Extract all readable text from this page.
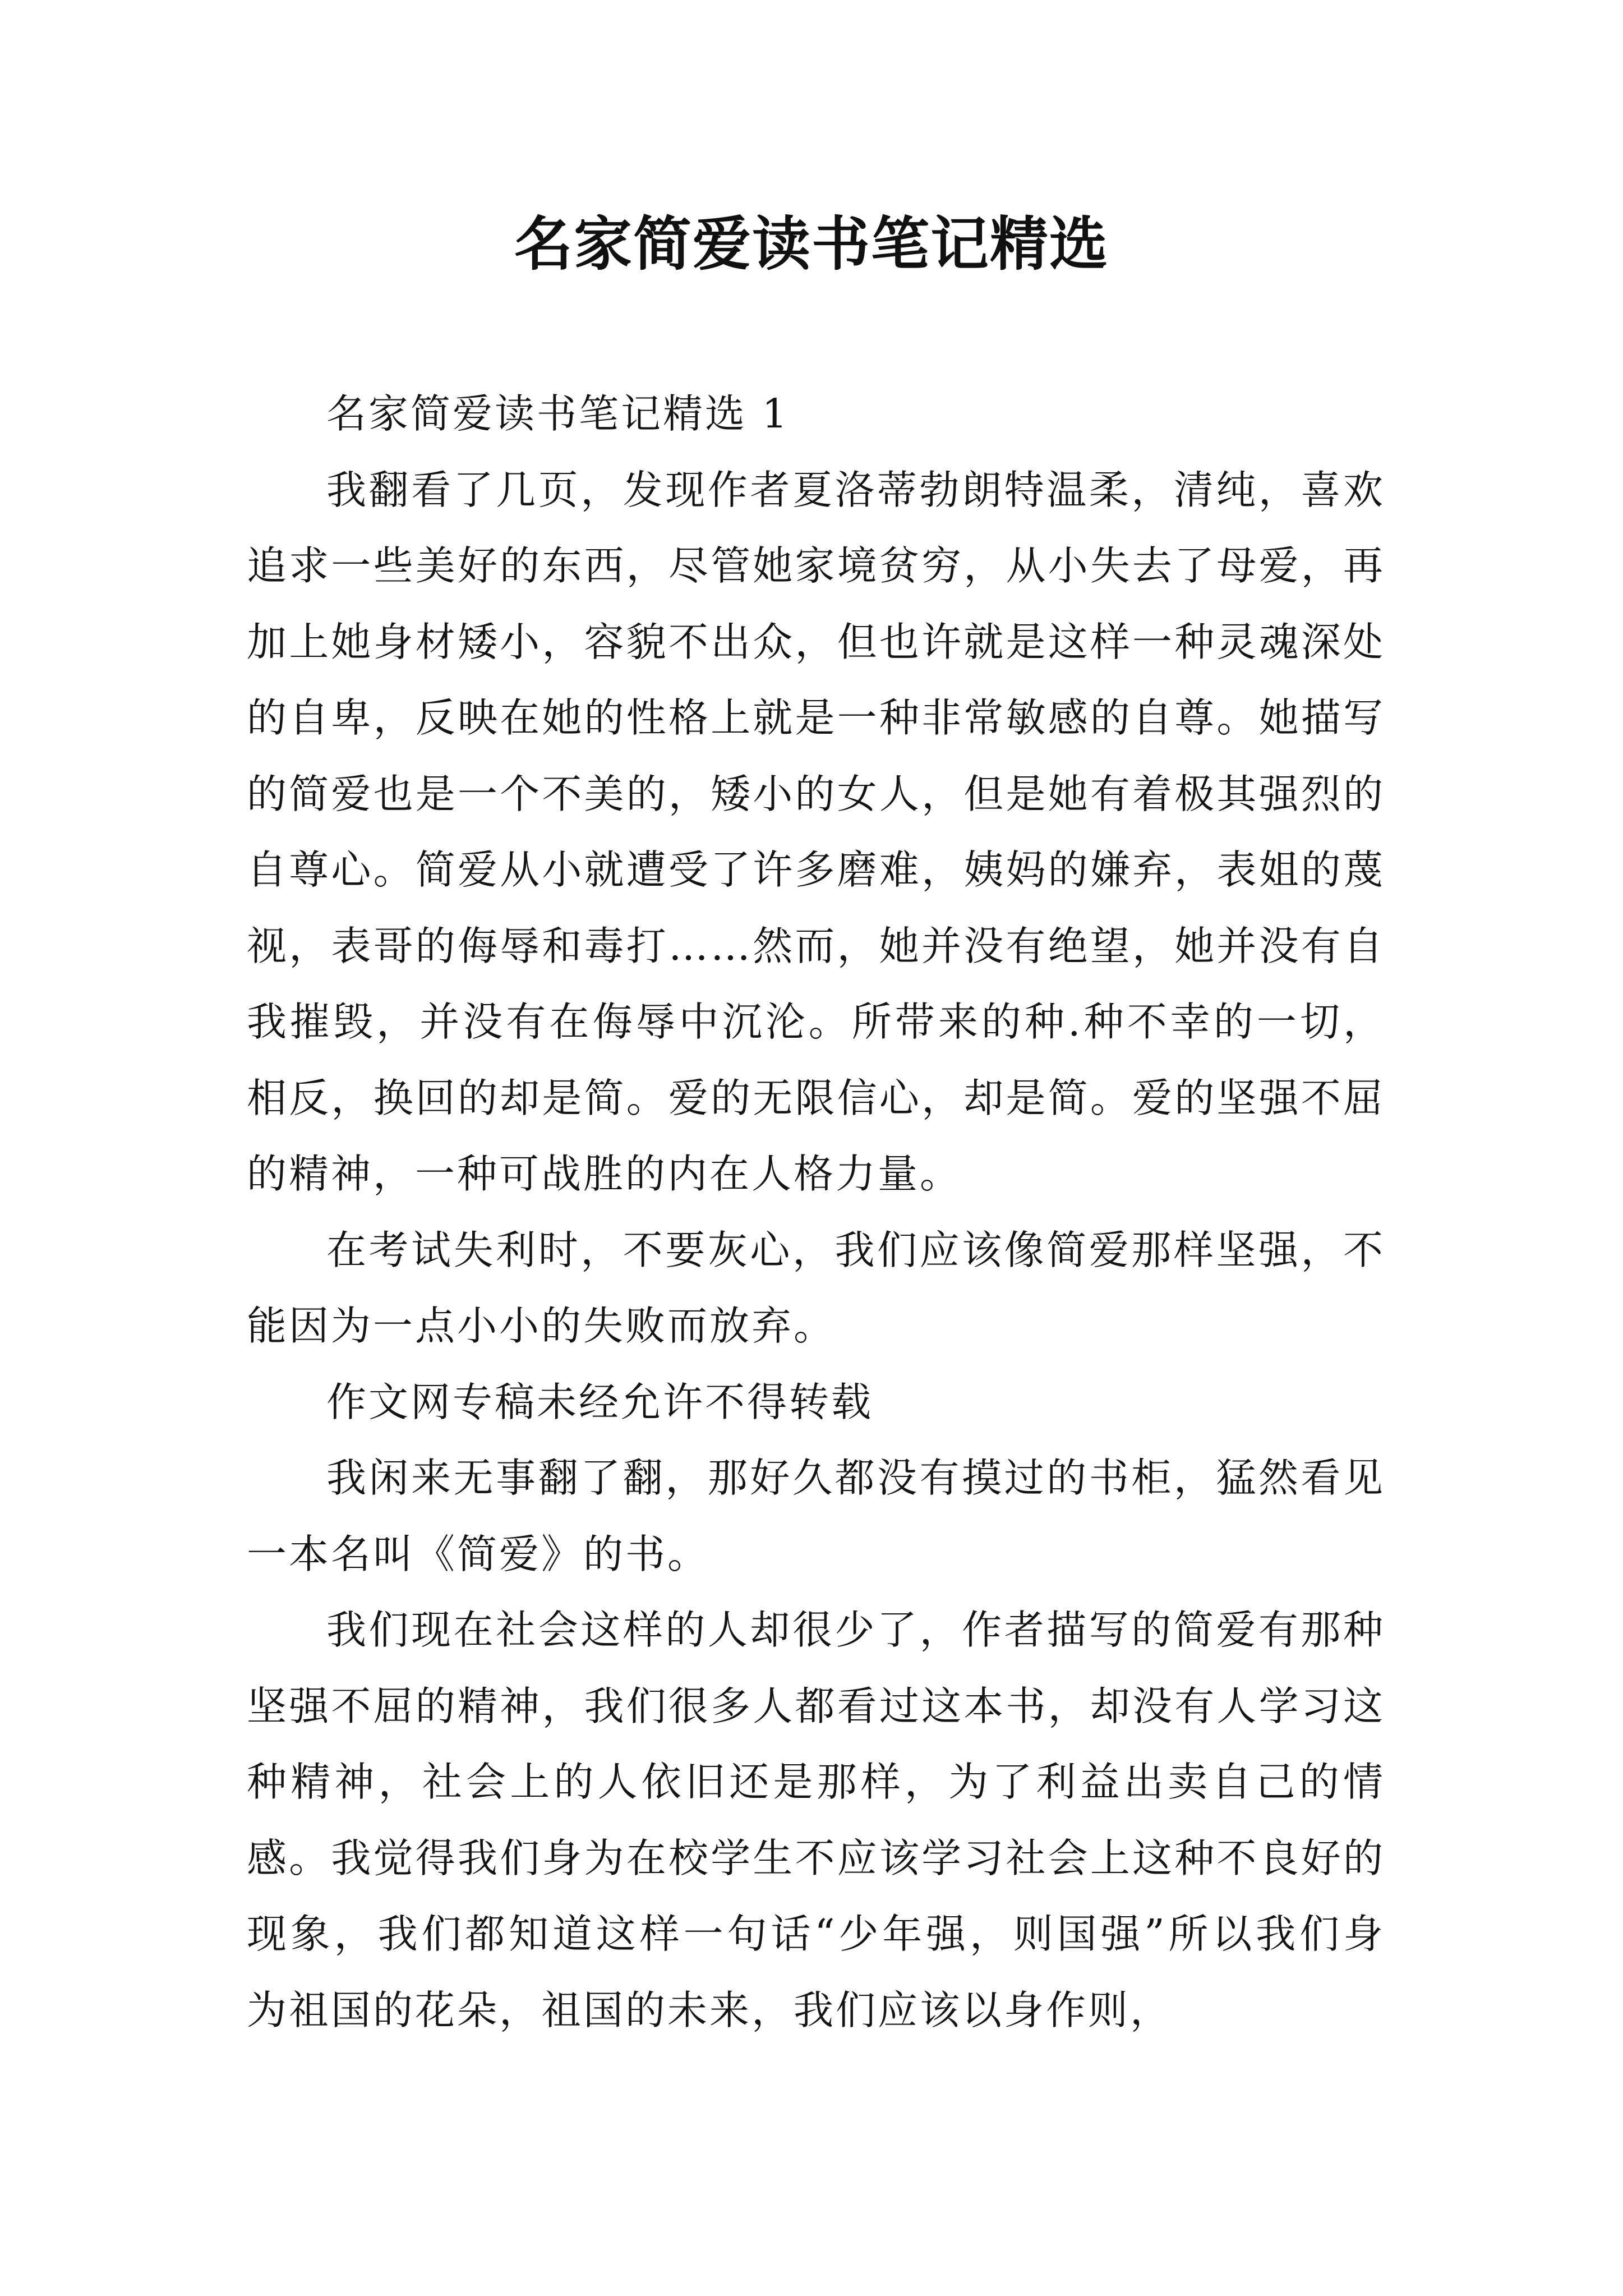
名家简爱读书笔记精选

名家简爱读书笔记精选 1

我翻看了几页，发现作者夏洛蒂勃朗特温柔，清纯，喜欢追求一些美好的东西，尽管她家境贫穷，从小失去了母爱，再加上她身材矮小，容貌不出众，但也许就是这样一种灵魂深处的自卑，反映在她的性格上就是一种非常敏感的自尊。她描写的简爱也是一个不美的，矮小的女人，但是她有着极其强烈的自尊心。简爱从小就遭受了许多磨难，姨妈的嫌弃，表姐的蔑视，表哥的侮辱和毒打……然而，她并没有绝望，她并没有自我摧毁，并没有在侮辱中沉沦。所带来的种.种不幸的一切，相反，换回的却是简。爱的无限信心，却是简。爱的坚强不屈的精神，一种可战胜的内在人格力量。

在考试失利时，不要灰心，我们应该像简爱那样坚强，不能因为一点小小的失败而放弃。

作文网专稿未经允许不得转载

我闲来无事翻了翻，那好久都没有摸过的书柜，猛然看见一本名叫《简爱》的书。

我们现在社会这样的人却很少了，作者描写的简爱有那种坚强不屈的精神，我们很多人都看过这本书，却没有人学习这种精神，社会上的人依旧还是那样，为了利益出卖自己的情感。我觉得我们身为在校学生不应该学习社会上这种不良好的现象，我们都知道这样一句话“少年强，则国强”所以我们身为祖国的花朵，祖国的未来，我们应该以身作则，
